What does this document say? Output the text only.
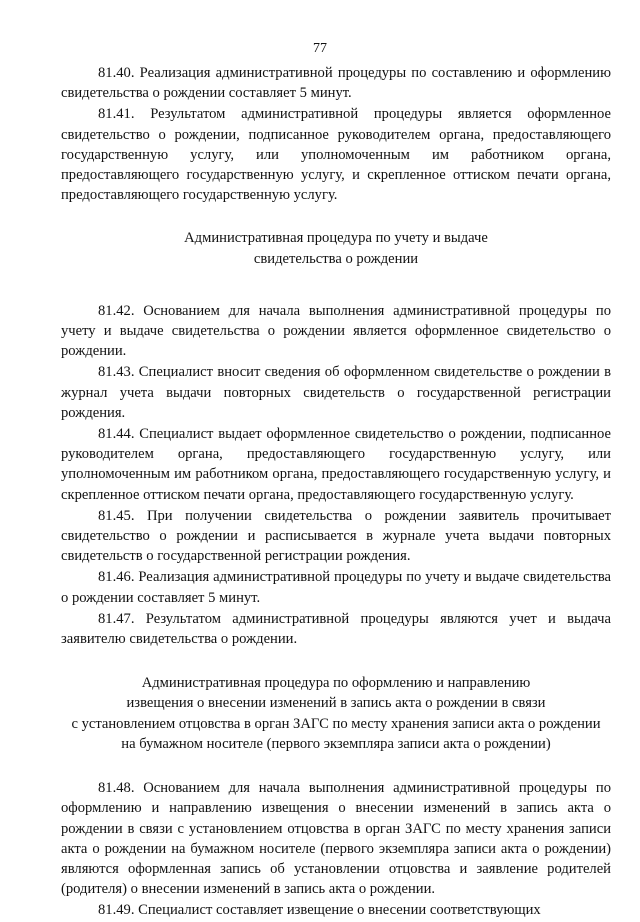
77

81.40. Реализация административной процедуры по составлению и оформлению свидетельства о рождении составляет 5 минут.

81.41. Результатом административной процедуры является оформленное свидетельство о рождении, подписанное руководителем органа, предоставляющего государственную услугу, или уполномоченным им работником органа, предоставляющего государственную услугу, и скрепленное оттиском печати органа, предоставляющего государственную услугу.

Административная процедура по учету и выдаче
свидетельства о рождении

81.42. Основанием для начала выполнения административной процедуры по учету и выдаче свидетельства о рождении является оформленное свидетельство о рождении.

81.43. Специалист вносит сведения об оформленном свидетельстве о рождении в журнал учета выдачи повторных свидетельств о государственной регистрации рождения.

81.44. Специалист выдает оформленное свидетельство о рождении, подписанное руководителем органа, предоставляющего государственную услугу, или уполномоченным им работником органа, предоставляющего государственную услугу, и скрепленное оттиском печати органа, предоставляющего государственную услугу.

81.45. При получении свидетельства о рождении заявитель прочитывает свидетельство о рождении и расписывается в журнале учета выдачи повторных свидетельств о государственной регистрации рождения.

81.46. Реализация административной процедуры по учету и выдаче свидетельства о рождении составляет 5 минут.

81.47. Результатом административной процедуры являются учет и выдача заявителю свидетельства о рождении.

Административная процедура по оформлению и направлению
извещения о внесении изменений в запись акта о рождении в связи
с установлением отцовства в орган ЗАГС по месту хранения записи акта о рождении
на бумажном носителе (первого экземпляра записи акта о рождении)

81.48. Основанием для начала выполнения административной процедуры по оформлению и направлению извещения о внесении изменений в запись акта о рождении в связи с установлением отцовства в орган ЗАГС по месту хранения записи акта о рождении на бумажном носителе (первого экземпляра записи акта о рождении) являются оформленная запись об установлении отцовства и заявление родителей (родителя) о внесении изменений в запись акта о рождении.

81.49. Специалист составляет извещение о внесении соответствующих
